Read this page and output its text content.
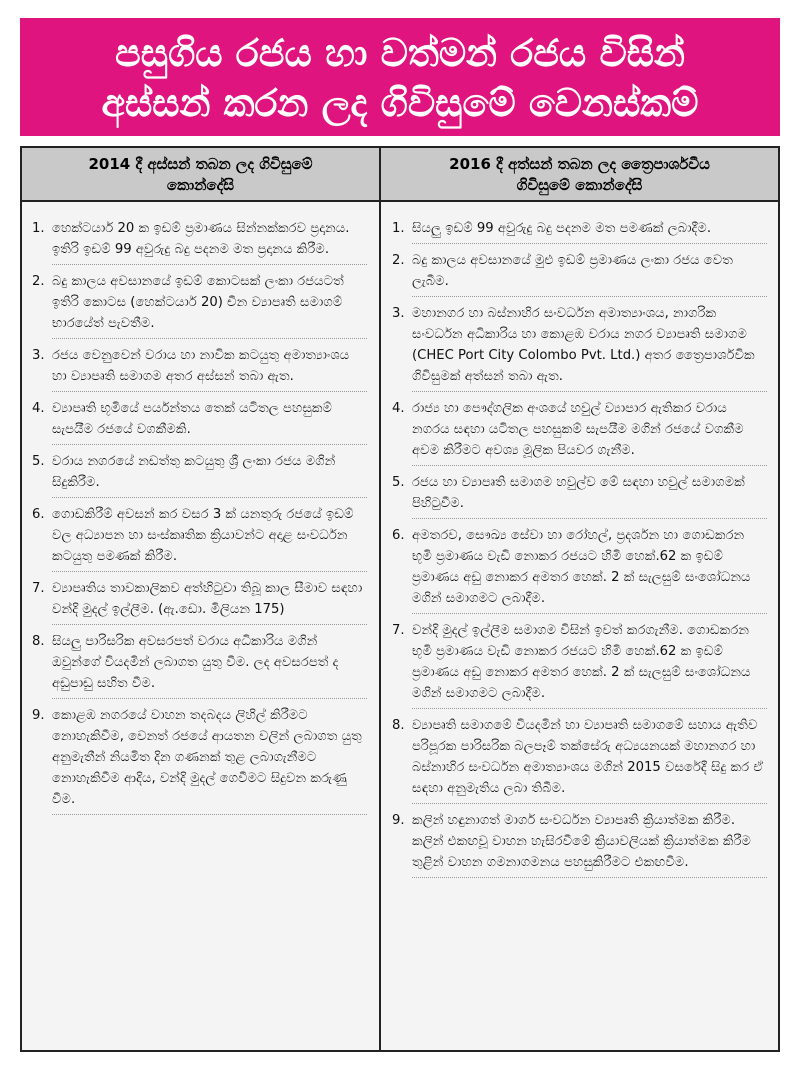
පසුගිය රජය හා වත්මන් රජය විසින්
අස්සන් කරන ලද ගිවිසුමේ වෙනස්කම්
2014 දී අස්සන් තබන ලද ගිවිසුමේ
කොන්දේසි
2016 දී අත්සන් තබන ලද ත්‍රෛපාර්ශවීය
ගිවිසුමේ කොන්දේසි
1. හෙක්ටයාර් 20 ක ඉඩම් ප්‍රමාණය සින්නක්කරව ප්‍රදානය. ඉතිරි ඉඩම් 99 අවුරුදු බදු පදනම මත ප්‍රදානය කිරීම.
2. බදු කාලය අවසානයේ ඉඩම් කොටසක් ලංකා රජයටත් ඉතිරි කොටස (හෙක්ටයාර් 20) චීන ව්‍යාපෘති සමාගම් භාරයේත් පැවතීම.
3. රජය වෙනුවෙන් වරාය හා නාවික කටයුතු අමාත්‍යාංශය හා ව්‍යාපෘති සමාගම අතර අස්සන් තබා ඇත.
4. ව්‍යාපෘති භූමියේ පර්යන්තය තෙක් යටිතල පහසුකම් සැපයීම රජයේ වගකීමකි.
5. වරාය නගරයේ නඩත්තු කටයුතු ශ්‍රී ලංකා රජය මගින් සිදුකිරීම.
6. ගොඩකිරීම් අවසන් කර වසර 3 ක් යනතුරු රජයේ ඉඩම් වල අධ්‍යාපන හා සංස්කෘතික ක්‍රියාවන්ට අදාළ සංවර්ධන කටයුතු පමණක් කිරීම.
7. ව්‍යාපෘතිය තාවකාලිකව අත්හිටුවා තිබූ කාල සීමාව සඳහා වන්දි මුදල් ඉල්ලීම. (ඇ.ඩො. මිලියන 175)
8. සියලු පාරිසරික අවසරපත් වරාය අධිකාරිය මගින් ඔවුන්ගේ වියදමින් ලබාගත යුතු වීම. ලද අවසරපත් ද අඩුපාඩු සහිත වීම.
9. කොළඹ නගරයේ වාහන තදබදය ලිහිල් කිරීමට නොහැකිවීම, වෙනත් රජයේ ආයතන වලින් ලබාගත යුතු අනුමැතීන් නියමිත දින ගණනක් තුළ ලබාගැනීමට නොහැකිවීම ආදිය, වන්දි මුදල් ගෙවීමට සිදුවන කරුණු වීම.
1. සියලු ඉඩම් 99 අවුරුදු බදු පදනම මත පමණක් ලබාදීම.
2. බදු කාලය අවසානයේ මුළු ඉඩම් ප්‍රමාණය ලංකා රජය වෙත ලැබීම.
3. මහානගර හා බස්නාහිර සංවර්ධන අමාත්‍යාංශය, නාගරික සංවර්ධන අධිකාරිය හා කොළඹ වරාය නගර ව්‍යාපෘති සමාගම (CHEC Port City Colombo Pvt. Ltd.) අතර ත්‍රෛපාර්ශවික ගිවිසුමක් අත්සන් තබා ඇත.
4. රාජ්‍ය හා පෞද්ගලික අංශයේ හවුල් ව්‍යාපාර ඇතිකර වරාය නගරය සඳහා යටිතල පහසුකම් සැපයීම මගින් රජයේ වගකීම අවම කිරීමට අවශ්‍ය මූලික පියවර ගැනීම.
5. රජය හා ව්‍යාපෘති සමාගම හවුල්ව මේ සඳහා හවුල් සමාගමක් පිහිටුවීම.
6. අමතරව, සෞඛ්‍ය සේවා හා රෝහල්, ප්‍රදර්ශන හා ගොඩකරන භූමි ප්‍රමාණය වැඩි නොකර රජයට හිමි හෙක්.62 ක ඉඩම් ප්‍රමාණය අඩු නොකර අමතර හෙක්. 2 ක් සැලසුම් සංශෝධනය මගින් සමාගමට ලබාදීම.
7. වන්දි මුදල් ඉල්ලීම සමාගම විසින් ඉවත් කරගැනීම. ගොඩකරන භූමි ප්‍රමාණය වැඩි නොකර රජයට හිමි හෙක්.62 ක ඉඩම් ප්‍රමාණය අඩු නොකර අමතර හෙක්. 2 ක් සැලසුම් සංශෝධනය මගින් සමාගමට ලබාදීම.
8. ව්‍යාපෘති සමාගමේ වියදමින් හා ව්‍යාපෘති සමාගමේ සහාය ඇතිව පරිපූරක පාරිසරික බලපෑම් තක්සේරු අධ්‍යයනයක් මහානගර හා බස්නාහිර සංවර්ධන අමාත්‍යාංශය මගින් 2015 වසරේදී සිදු කර ඒ සඳහා අනුමැතිය ලබා තිබීම.
9. කලින් හඳුනාගත් මාර්ග සංවර්ධන ව්‍යාපෘති ක්‍රියාත්මක කිරීම. කලින් එකඟවූ වාහන හැසිරවීමේ ක්‍රියාවලියක් ක්‍රියාත්මක කිරීම තුළින් වාහන ගමනාගමනය පහසුකිරීමට එකඟවීම.
